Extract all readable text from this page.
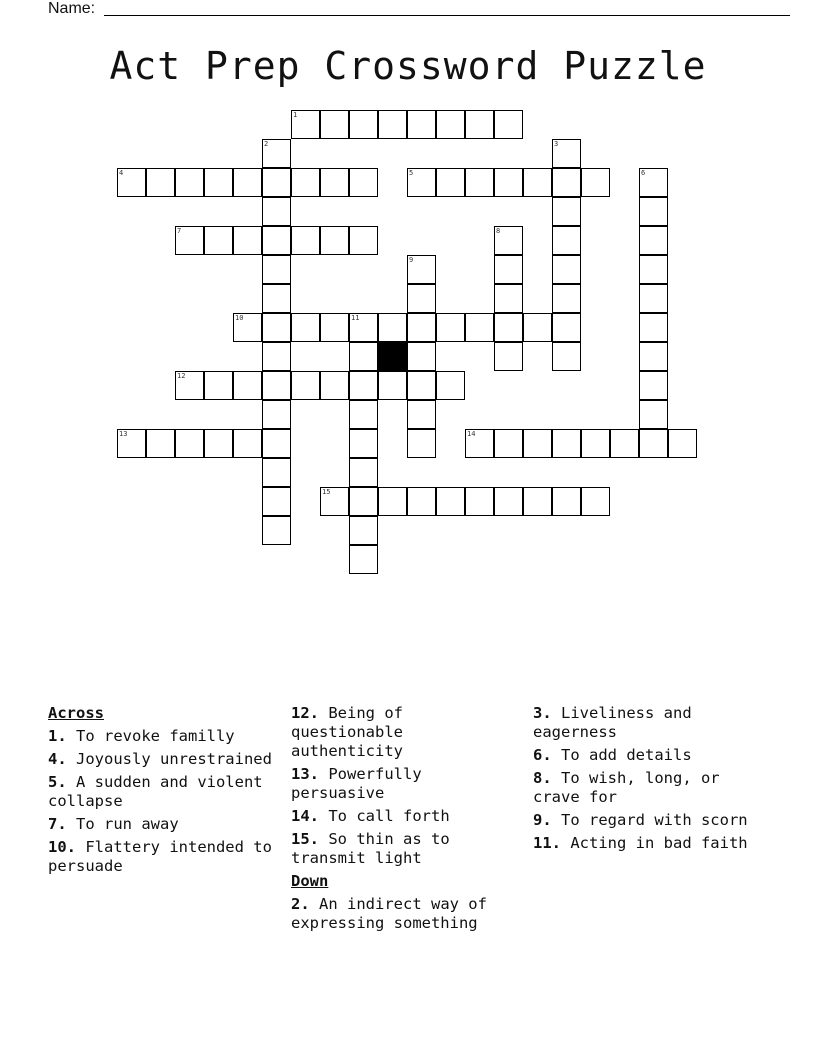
Name:
Act Prep Crossword Puzzle
1
2	3
4	5	6
7	8
9
10	11
12
13	14
15
Across
1. To revoke familly
4. Joyously unrestrained
5. A sudden and violent collapse
7. To run away
10. Flattery intended to persuade
12. Being of questionable authenticity
13. Powerfully persuasive
14. To call forth
15. So thin as to transmit light
Down
2. An indirect way of expressing something
3. Liveliness and eagerness
6. To add details
8. To wish, long, or crave for
9. To regard with scorn
11. Acting in bad faith
